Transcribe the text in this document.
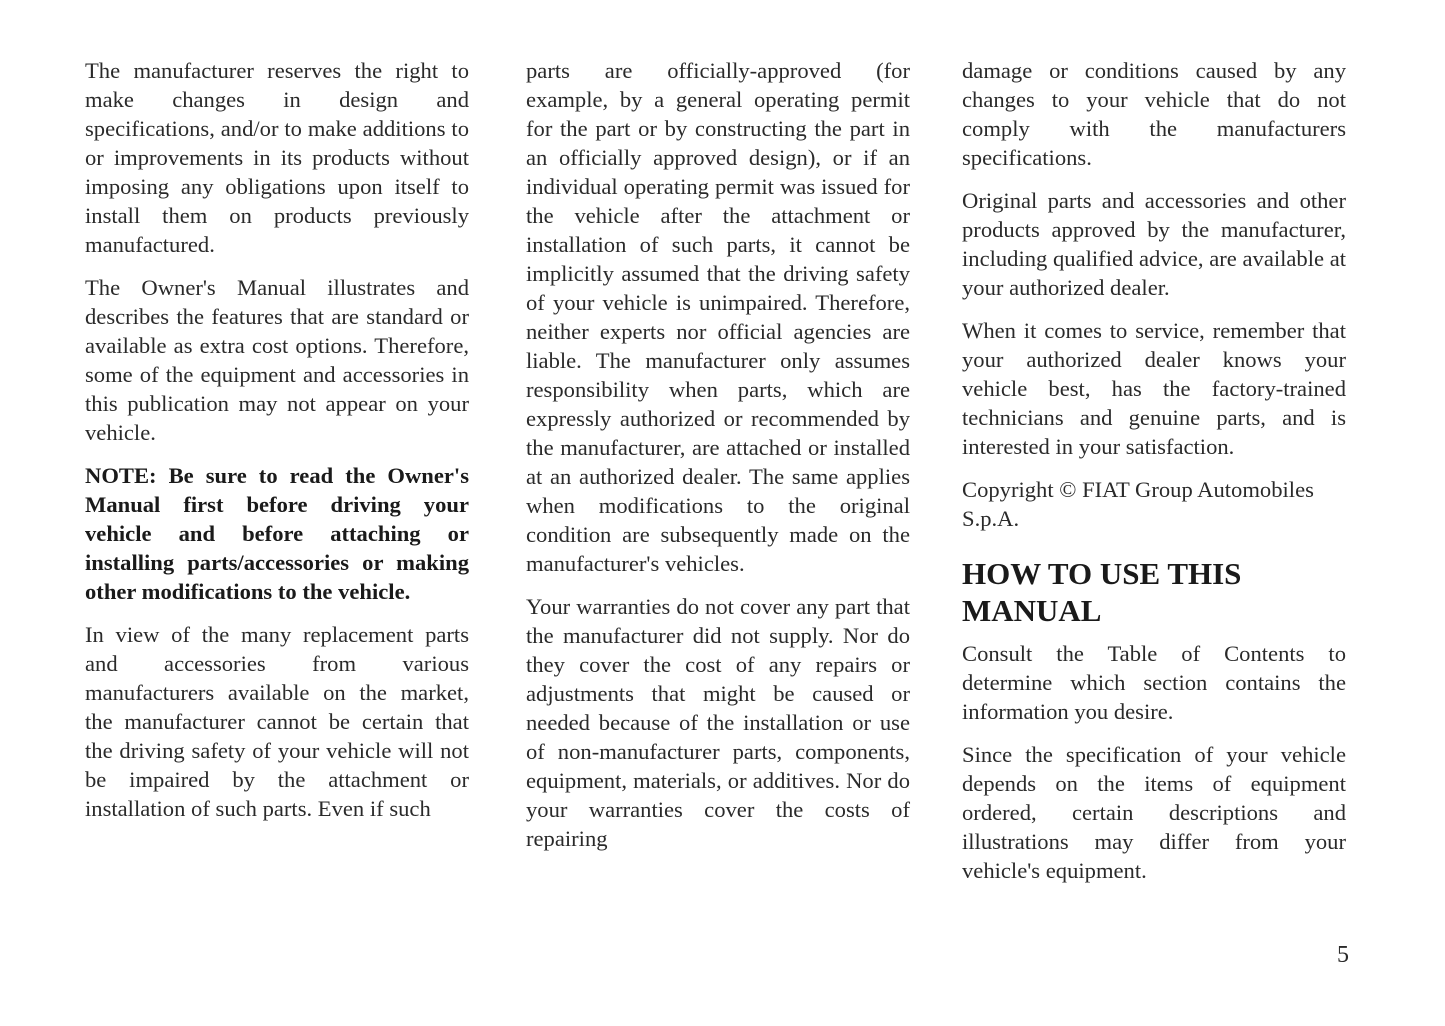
The manufacturer reserves the right to make changes in design and specifications, and/or to make additions to or improvements in its products without imposing any obligations upon itself to install them on products previously manufactured.

The Owner's Manual illustrates and describes the features that are standard or available as extra cost options. Therefore, some of the equipment and accessories in this publication may not appear on your vehicle.

NOTE: Be sure to read the Owner's Manual first before driving your vehicle and before attaching or installing parts/accessories or making other modifications to the vehicle.

In view of the many replacement parts and accessories from various manufacturers available on the market, the manufacturer cannot be certain that the driving safety of your vehicle will not be impaired by the attachment or installation of such parts. Even if such

parts are officially-approved (for example, by a general operating permit for the part or by constructing the part in an officially approved design), or if an individual operating permit was issued for the vehicle after the attachment or installation of such parts, it cannot be implicitly assumed that the driving safety of your vehicle is unimpaired. Therefore, neither experts nor official agencies are liable. The manufacturer only assumes responsibility when parts, which are expressly authorized or recommended by the manufacturer, are attached or installed at an authorized dealer. The same applies when modifications to the original condition are subsequently made on the manufacturer's vehicles.

Your warranties do not cover any part that the manufacturer did not supply. Nor do they cover the cost of any repairs or adjustments that might be caused or needed because of the installation or use of non-manufacturer parts, components, equipment, materials, or additives. Nor do your warranties cover the costs of repairing

damage or conditions caused by any changes to your vehicle that do not comply with the manufacturers specifications.

Original parts and accessories and other products approved by the manufacturer, including qualified advice, are available at your authorized dealer.

When it comes to service, remember that your authorized dealer knows your vehicle best, has the factory-trained technicians and genuine parts, and is interested in your satisfaction.

Copyright © FIAT Group Automobiles S.p.A.

HOW TO USE THIS MANUAL

Consult the Table of Contents to determine which section contains the information you desire.

Since the specification of your vehicle depends on the items of equipment ordered, certain descriptions and illustrations may differ from your vehicle's equipment.

5
